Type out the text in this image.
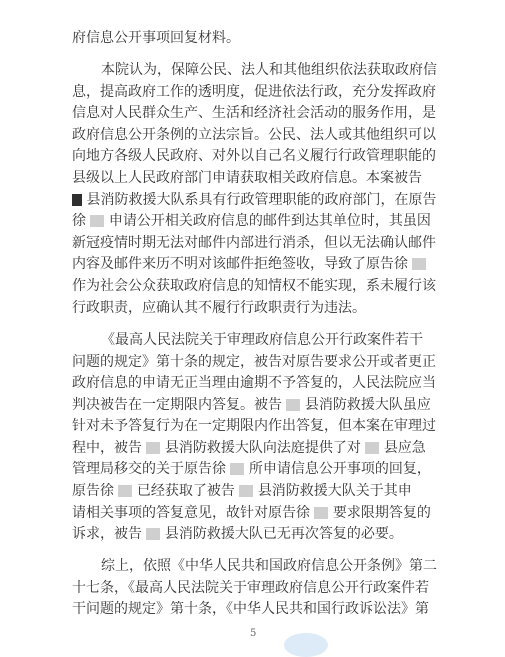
府信息公开事项回复材料。
本院认为，保障公民、法人和其他组织依法获取政府信
息，提高政府工作的透明度，促进依法行政，充分发挥政府
信息对人民群众生产、生活和经济社会活动的服务作用，是
政府信息公开条例的立法宗旨。公民、法人或其他组织可以
向地方各级人民政府、对外以自己名义履行行政管理职能的
县级以上人民政府部门申请获取相关政府信息。本案被告
县消防救援大队系具有行政管理职能的政府部门，在原告
徐 申请公开相关政府信息的邮件到达其单位时，其虽因
新冠疫情时期无法对邮件内部进行消杀，但以无法确认邮件
内容及邮件来历不明对该邮件拒绝签收，导致了原告徐
作为社会公众获取政府信息的知情权不能实现，系未履行该
行政职责，应确认其不履行行政职责行为违法。
《最高人民法院关于审理政府信息公开行政案件若干
问题的规定》第十条的规定，被告对原告要求公开或者更正
政府信息的申请无正当理由逾期不予答复的，人民法院应当
判决被告在一定期限内答复。被告 县消防救援大队虽应
针对未予答复行为在一定期限内作出答复，但本案在审理过
程中，被告 县消防救援大队向法庭提供了对 县应急
管理局移交的关于原告徐 所申请信息公开事项的回复，
原告徐 已经获取了被告 县消防救援大队关于其申
请相关事项的答复意见，故针对原告徐 要求限期答复的
诉求，被告 县消防救援大队已无再次答复的必要。
综上，依照《中华人民共和国政府信息公开条例》第二
十七条，《最高人民法院关于审理政府信息公开行政案件若
干问题的规定》第十条，《中华人民共和国行政诉讼法》第
5
